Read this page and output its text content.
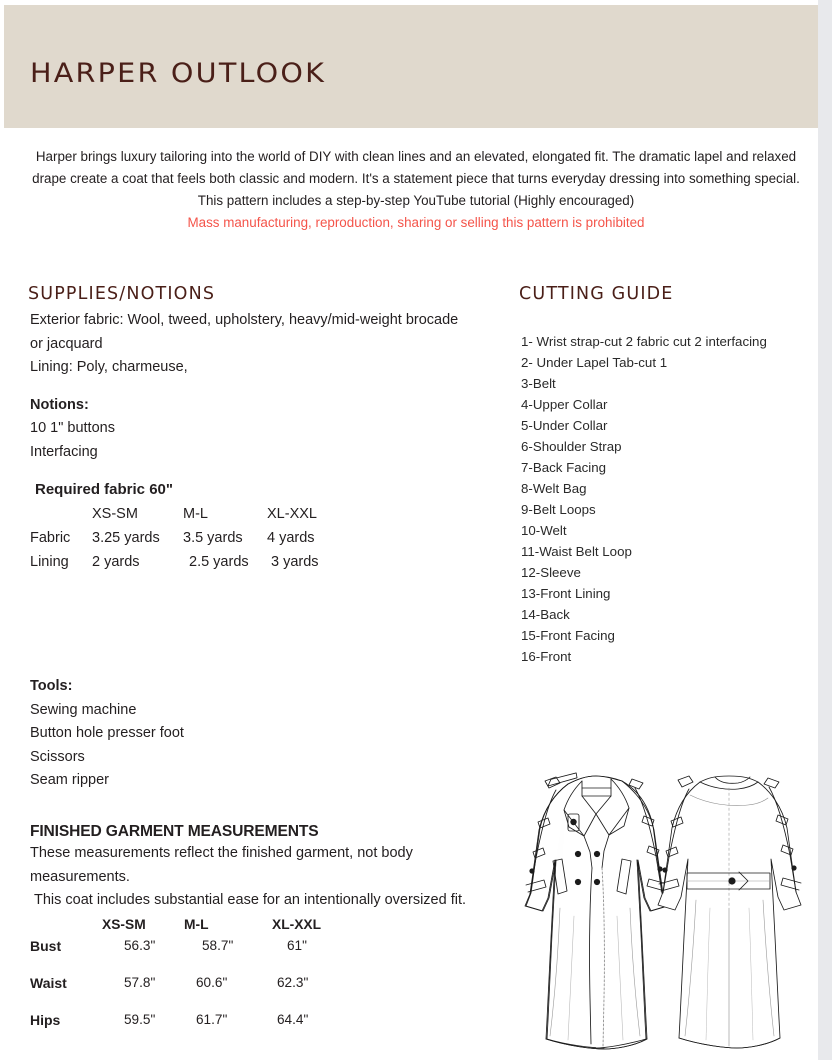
HARPER OUTLOOK
Harper brings luxury tailoring into the world of DIY with clean lines and an elevated, elongated fit. The dramatic lapel and relaxed drape create a coat that feels both classic and modern. It's a statement piece that turns everyday dressing into something special.
This pattern includes a step-by-step YouTube tutorial (Highly encouraged)
Mass manufacturing, reproduction, sharing or selling this pattern is prohibited
SUPPLIES/NOTIONS	CUTTING GUIDE
Exterior fabric: Wool, tweed, upholstery, heavy/mid-weight brocade
or jacquard
Lining: Poly, charmeuse,
Notions:
10 1" buttons
Interfacing
Required fabric 60"
	XS-SM	M-L	XL-XXL
Fabric	3.25 yards	3.5 yards	4 yards
Lining	2 yards	2.5 yards	3 yards
Tools:
Sewing machine
Button hole presser foot
Scissors
Seam ripper
FINISHED GARMENT MEASUREMENTS
These measurements reflect the finished garment, not body
measurements.
This coat includes substantial ease for an intentionally oversized fit.
	XS-SM	M-L	XL-XXL
Bust	56.3"	58.7"	61"
Waist	57.8"	60.6"	62.3"
Hips	59.5"	61.7"	64.4"
1- Wrist strap-cut 2 fabric cut 2 interfacing
2- Under Lapel Tab-cut 1
3-Belt
4-Upper Collar
5-Under Collar
6-Shoulder Strap
7-Back Facing
8-Welt Bag
9-Belt Loops
10-Welt
11-Waist Belt Loop
12-Sleeve
13-Front Lining
14-Back
15-Front Facing
16-Front
